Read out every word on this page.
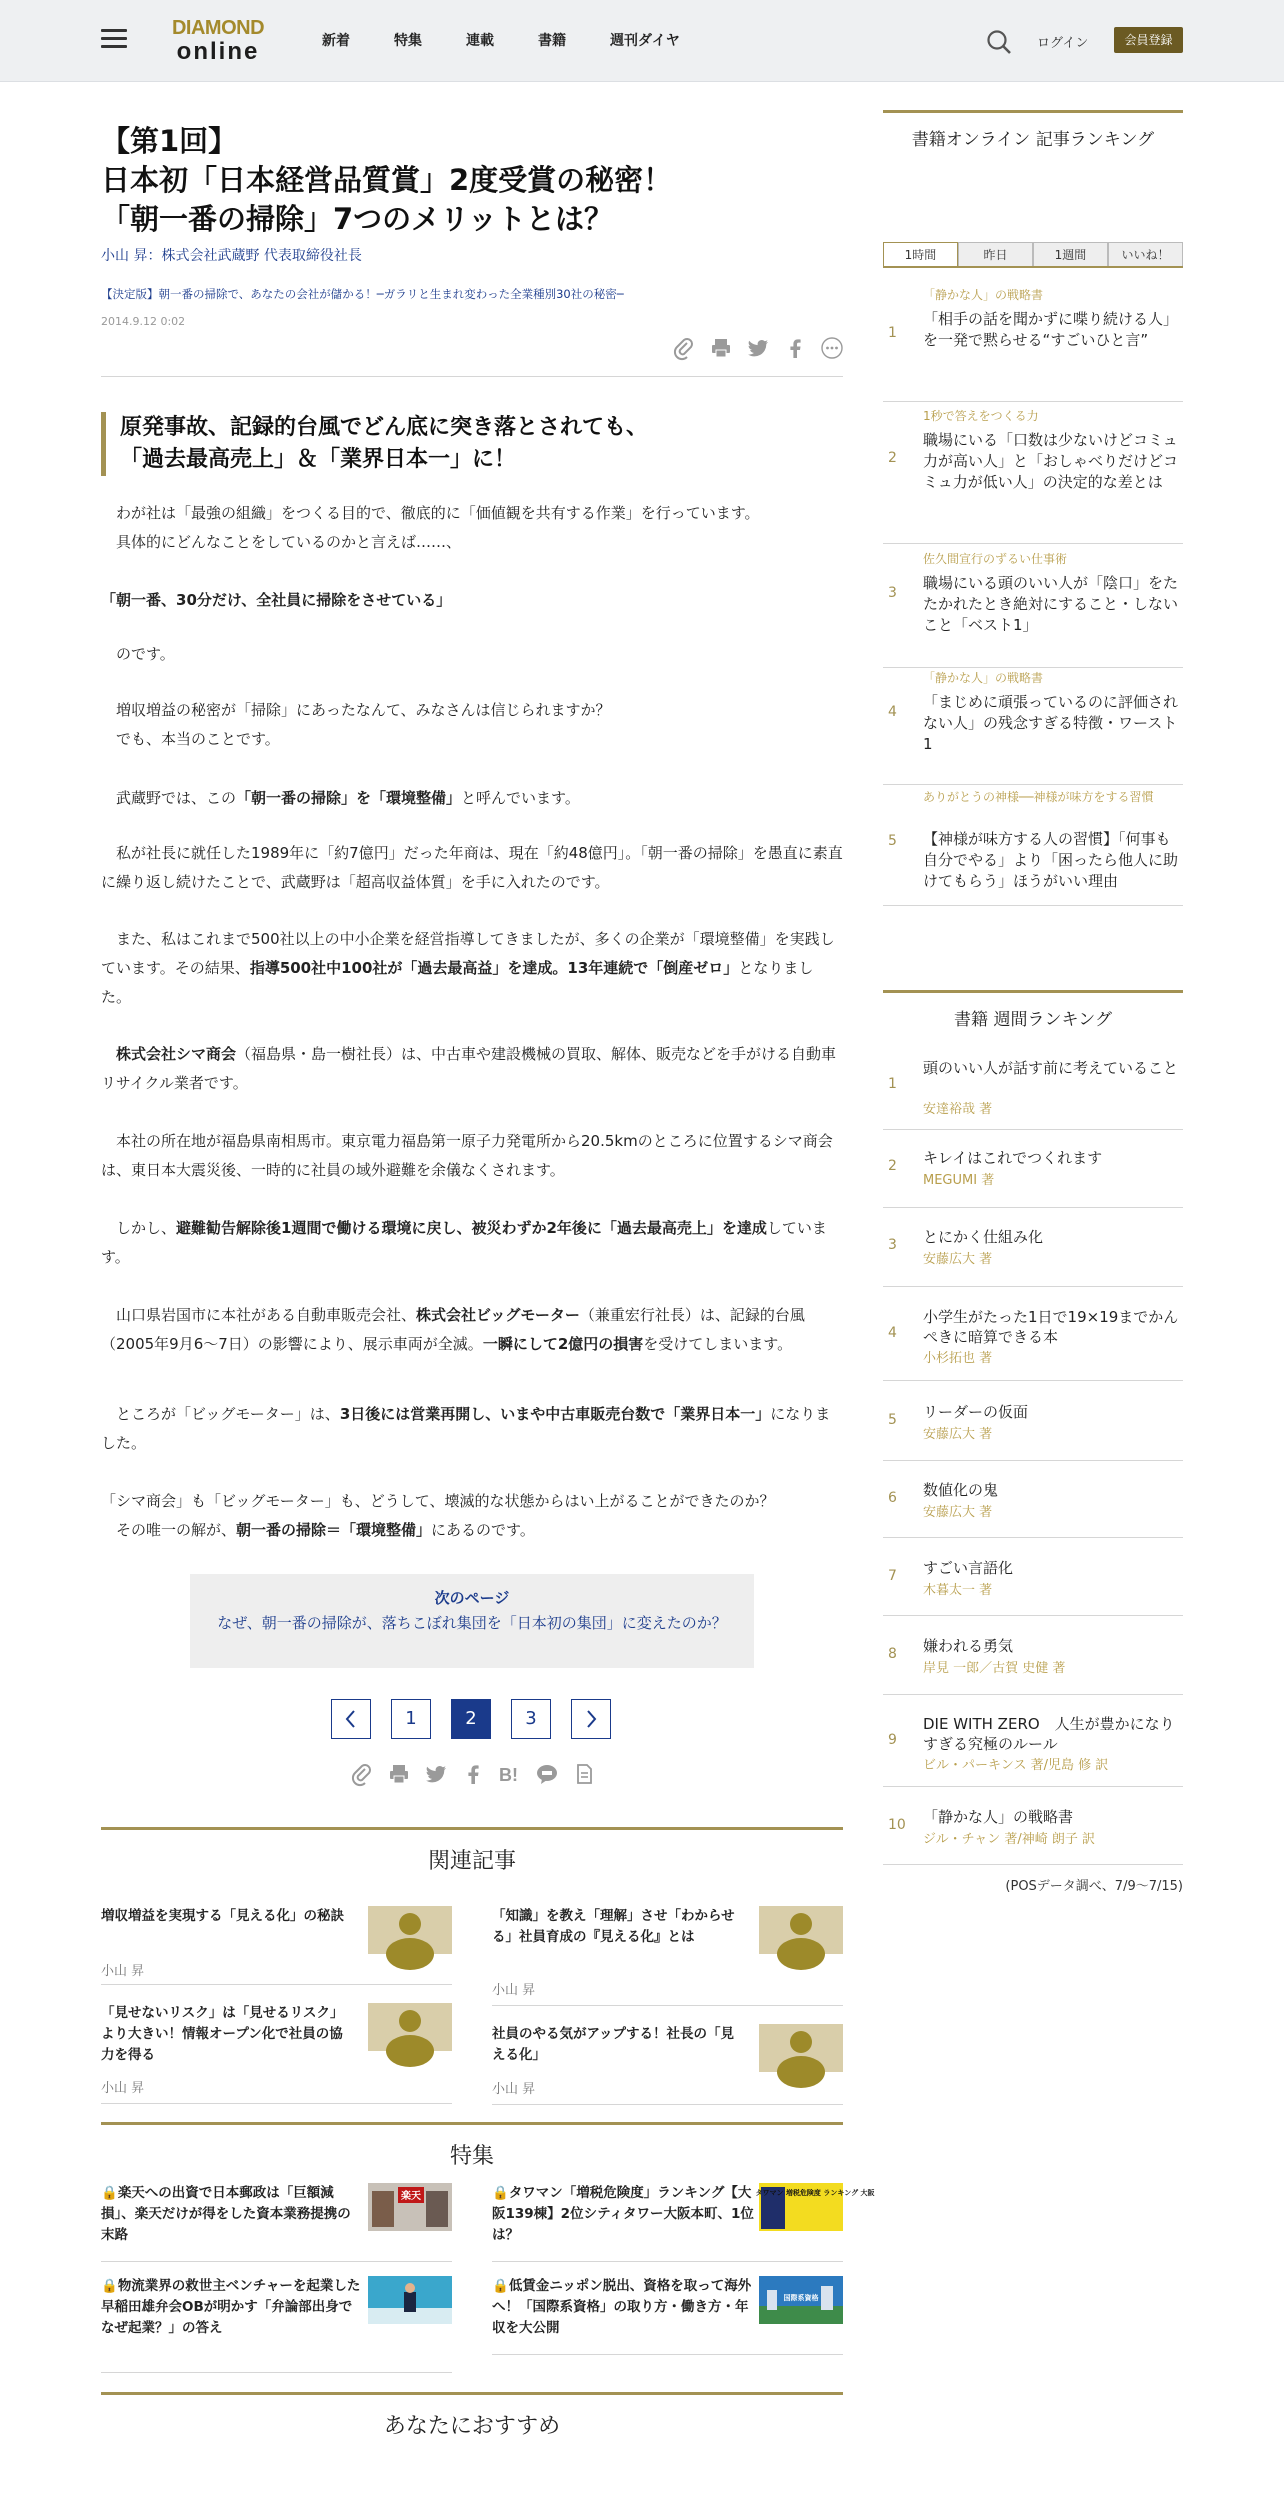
DIAMOND
online	新着	特集	連載	書籍	週刊ダイヤ	ログイン	会員登録
【第1回】
日本初「日本経営品質賞」2度受賞の秘密！
「朝一番の掃除」7つのメリットとは？
小山 昇：株式会社武蔵野 代表取締役社長
【決定版】朝一番の掃除で、あなたの会社が儲かる！─ガラリと生まれ変わった全業種別30社の秘密─
2014.9.12 0:02
原発事故、記録的台風でどん底に突き落とされても、
「過去最高売上」＆「業界日本一」に！
わが社は「最強の組織」をつくる目的で、徹底的に「価値観を共有する作業」を行っています。
具体的にどんなことをしているのかと言えば……、
「朝一番、30分だけ、全社員に掃除をさせている」
のです。
増収増益の秘密が「掃除」にあったなんて、みなさんは信じられますか？
でも、本当のことです。
武蔵野では、この「朝一番の掃除」を「環境整備」と呼んでいます。
私が社長に就任した1989年に「約7億円」だった年商は、現在「約48億円」。「朝一番の掃除」を愚直に素直に繰り返し続けたことで、武蔵野は「超高収益体質」を手に入れたのです。
また、私はこれまで500社以上の中小企業を経営指導してきましたが、多くの企業が「環境整備」を実践しています。その結果、指導500社中100社が「過去最高益」を達成。13年連続で「倒産ゼロ」となりました。
株式会社シマ商会（福島県・島一樹社長）は、中古車や建設機械の買取、解体、販売などを手がける自動車リサイクル業者です。
本社の所在地が福島県南相馬市。東京電力福島第一原子力発電所から20.5kmのところに位置するシマ商会は、東日本大震災後、一時的に社員の域外避難を余儀なくされます。
しかし、避難勧告解除後1週間で働ける環境に戻し、被災わずか2年後に「過去最高売上」を達成しています。
山口県岩国市に本社がある自動車販売会社、株式会社ビッグモーター（兼重宏行社長）は、記録的台風（2005年9月6〜7日）の影響により、展示車両が全滅。一瞬にして2億円の損害を受けてしまいます。
ところが「ビッグモーター」は、3日後には営業再開し、いまや中古車販売台数で「業界日本一」になりました。
「シマ商会」も「ビッグモーター」も、どうして、壊滅的な状態からはい上がることができたのか？
その唯一の解が、朝一番の掃除＝「環境整備」にあるのです。
次のページ
なぜ、朝一番の掃除が、落ちこぼれ集団を「日本初の集団」に変えたのか？
1	2	3
B!
関連記事
増収増益を実現する「見える化」の秘訣
小山 昇
「知識」を教え「理解」させ「わからせる」社員育成の『見える化』とは
小山 昇
「見せないリスク」は「見せるリスク」より大きい！情報オープン化で社員の協力を得る
小山 昇
社員のやる気がアップする！社長の「見える化」
小山 昇
特集
🔒楽天への出資で日本郵政は「巨額減損」、楽天だけが得をした資本業務提携の末路
楽天	🔒タワマン「増税危険度」ランキング【大阪139棟】2位シティタワー大阪本町、1位は？
タワマン 増税危険度 ランキング 大阪
🔒物流業界の救世主ベンチャーを起業した早稲田雄弁会OBが明かす「弁論部出身でなぜ起業？」の答え
🔒低賃金ニッポン脱出、資格を取って海外へ！「国際系資格」の取り方・働き方・年収を大公開
国際系資格
あなたにおすすめ
書籍オンライン 記事ランキング
1時間	昨日	1週間	いいね！
1
「静かな人」の戦略書
「相手の話を聞かずに喋り続ける人」を一発で黙らせる“すごいひと言”
2
1秒で答えをつくる力
職場にいる「口数は少ないけどコミュ力が高い人」と「おしゃべりだけどコミュ力が低い人」の決定的な差とは
3
佐久間宣行のずるい仕事術
職場にいる頭のいい人が「陰口」をたたかれたとき絶対にすること・しないこと「ベスト1」
4
「静かな人」の戦略書
「まじめに頑張っているのに評価されない人」の残念すぎる特徴・ワースト1
5
ありがとうの神様──神様が味方をする習慣
【神様が味方する人の習慣】「何事も自分でやる」より「困ったら他人に助けてもらう」ほうがいい理由
書籍 週間ランキング
1
頭のいい人が話す前に考えていること
安達裕哉 著
2 キレイはこれでつくれます
MEGUMI 著
3 とにかく仕組み化
安藤広大 著
4
小学生がたった1日で19×19までかんぺきに暗算できる本
小杉拓也 著
5 リーダーの仮面
安藤広大 著
6 数値化の鬼
安藤広大 著
7 すごい言語化
木暮太一 著
8 嫌われる勇気
岸見 一郎／古賀 史健 著
9
DIE WITH ZERO　人生が豊かになりすぎる究極のルール
ビル・パーキンス 著/児島 修 訳
10 「静かな人」の戦略書
ジル・チャン 著/神崎 朗子 訳
(POSデータ調べ、7/9〜7/15)
